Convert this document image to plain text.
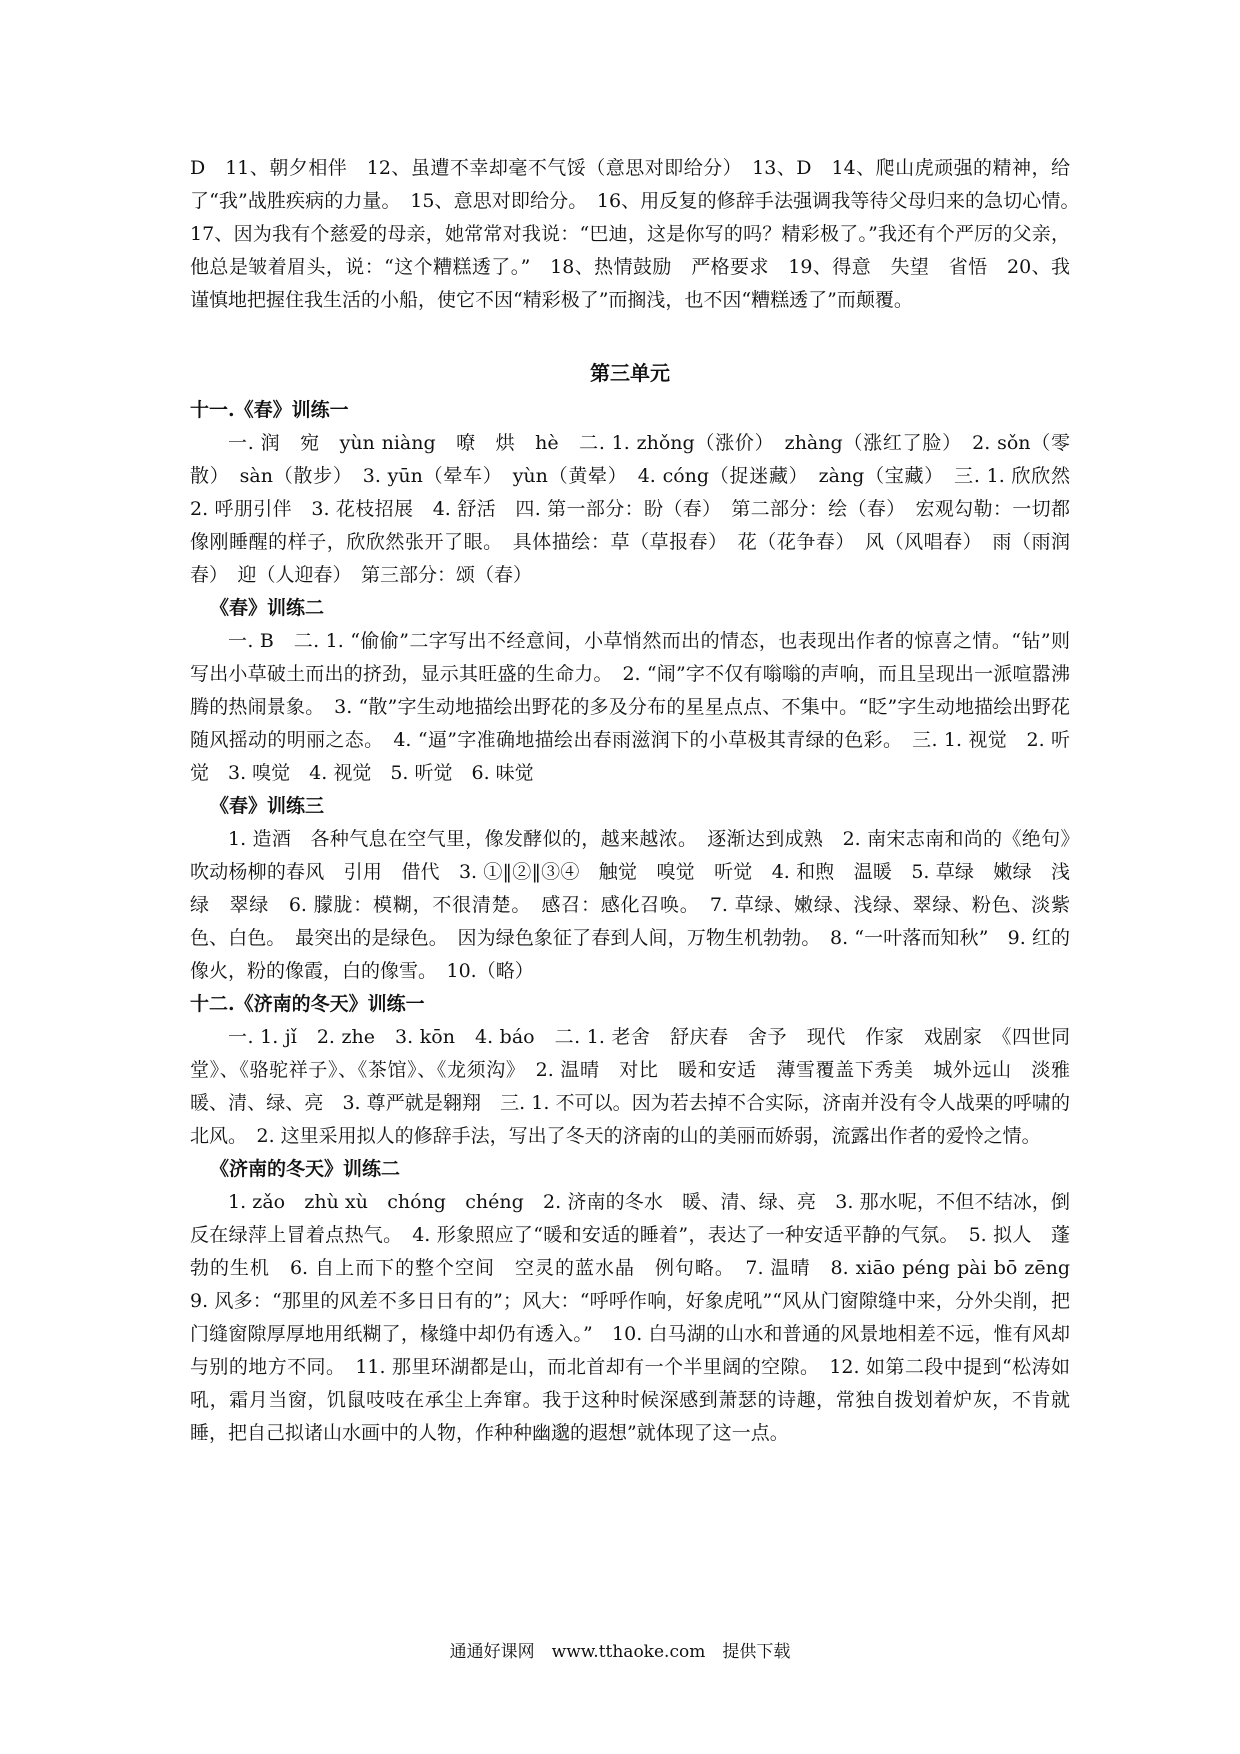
D　11、朝夕相伴　12、虽遭不幸却毫不气馁（意思对即给分）　13、D　14、爬山虎顽强的精神，给了“我”战胜疾病的力量。　15、意思对即给分。　16、用反复的修辞手法强调我等待父母归来的急切心情。　17、因为我有个慈爱的母亲，她常常对我说：“巴迪，这是你写的吗？精彩极了。”我还有个严厉的父亲，他总是皱着眉头，说：“这个糟糕透了。”　18、热情鼓励　严格要求　19、得意　失望　省悟　20、我谨慎地把握住我生活的小船，使它不因“精彩极了”而搁浅，也不因“糟糕透了”而颠覆。

第三单元

十一.《春》训练一

一. 润　宛　yùn niàng　嘹　烘　hè　二. 1. zhǒng（涨价）　zhàng（涨红了脸）　2. sǒn（零散）　sàn（散步）　3. yūn（晕车）　yùn（黄晕）　4. cóng（捉迷藏）　zàng（宝藏）　三. 1. 欣欣然　2. 呼朋引伴　3. 花枝招展　4. 舒活　四. 第一部分：盼（春）　第二部分：绘（春）　宏观勾勒：一切都像刚睡醒的样子，欣欣然张开了眼。　具体描绘：草（草报春）　花（花争春）　风（风唱春）　雨（雨润春）　迎（人迎春）　第三部分：颂（春）

《春》训练二

一. B　二. 1. “偷偷”二字写出不经意间，小草悄然而出的情态，也表现出作者的惊喜之情。“钻”则写出小草破土而出的挤劲，显示其旺盛的生命力。　2. “闹”字不仅有嗡嗡的声响，而且呈现出一派喧嚣沸腾的热闹景象。　3. “散”字生动地描绘出野花的多及分布的星星点点、不集中。“眨”字生动地描绘出野花随风摇动的明丽之态。　4. “逼”字准确地描绘出春雨滋润下的小草极其青绿的色彩。　三. 1. 视觉　2. 听觉　3. 嗅觉　4. 视觉　5. 听觉　6. 味觉

《春》训练三

1. 造酒　各种气息在空气里，像发酵似的，越来越浓。　逐渐达到成熟　2. 南宋志南和尚的《绝句》　吹动杨柳的春风　引用　借代　3. ①‖②‖③④　触觉　嗅觉　听觉　4. 和煦　温暖　5. 草绿　嫩绿　浅绿　翠绿　6. 朦胧：模糊，不很清楚。　感召：感化召唤。　7. 草绿、嫩绿、浅绿、翠绿、粉色、淡紫色、白色。　最突出的是绿色。　因为绿色象征了春到人间，万物生机勃勃。　8. “一叶落而知秋”　9. 红的像火，粉的像霞，白的像雪。　10.（略）

十二.《济南的冬天》训练一

一. 1. jǐ　2. zhe　3. kōn　4. báo　二. 1. 老舍　舒庆春　舍予　现代　作家　戏剧家　《四世同堂》、《骆驼祥子》、《茶馆》、《龙须沟》　2. 温晴　对比　暖和安适　薄雪覆盖下秀美　城外远山　淡雅　暖、清、绿、亮　3. 尊严就是翱翔　三. 1. 不可以。因为若去掉不合实际，济南并没有令人战栗的呼啸的北风。　2. 这里采用拟人的修辞手法，写出了冬天的济南的山的美丽而娇弱，流露出作者的爱怜之情。

《济南的冬天》训练二

1. zǎo　zhù xù　chóng　chéng　2. 济南的冬水　暖、清、绿、亮　3. 那水呢，不但不结冰，倒反在绿萍上冒着点热气。　4. 形象照应了“暖和安适的睡着”，表达了一种安适平静的气氛。　5. 拟人　蓬勃的生机　6. 自上而下的整个空间　空灵的蓝水晶　例句略。　7. 温晴　8. xiāo péng pài bō zēng　9. 风多：“那里的风差不多日日有的”；风大：“呼呼作响，好象虎吼”“风从门窗隙缝中来，分外尖削，把门缝窗隙厚厚地用纸糊了，椽缝中却仍有透入。”　10. 白马湖的山水和普通的风景地相差不远，惟有风却与别的地方不同。　11. 那里环湖都是山，而北首却有一个半里阔的空隙。　12. 如第二段中提到“松涛如吼，霜月当窗，饥鼠吱吱在承尘上奔窜。我于这种时候深感到萧瑟的诗趣，常独自拨划着炉灰，不肯就睡，把自己拟诸山水画中的人物，作种种幽邈的遐想”就体现了这一点。

通通好课网　www.tthaoke.com　提供下载
